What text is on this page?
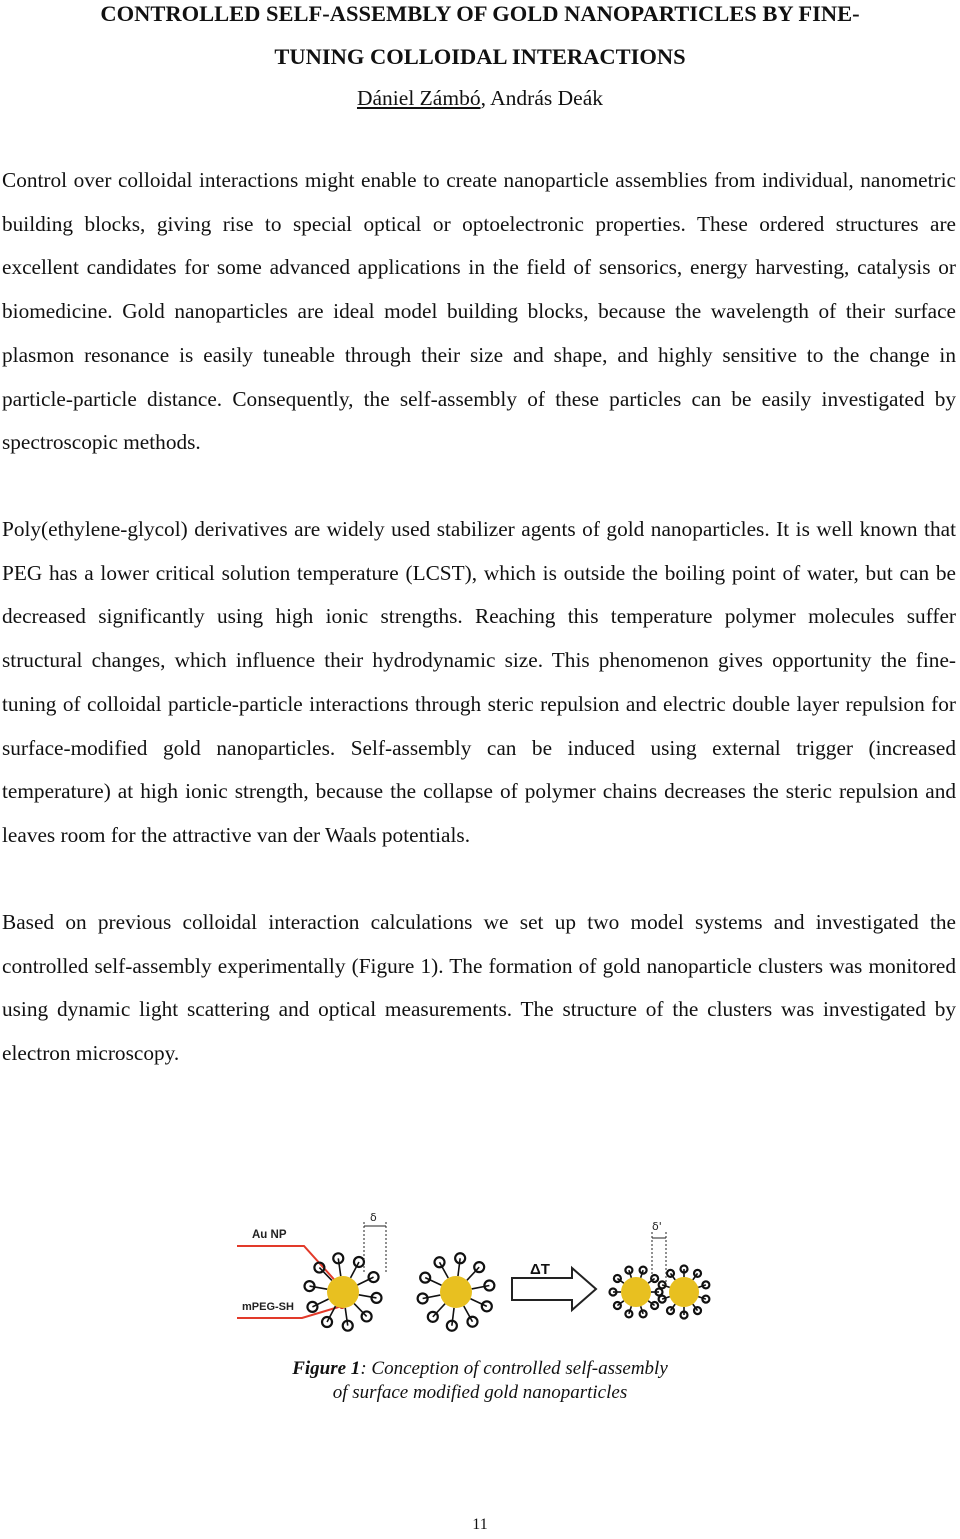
CONTROLLED SELF-ASSEMBLY OF GOLD NANOPARTICLES BY FINE-
TUNING COLLOIDAL INTERACTIONS
Dániel Zámbó, András Deák

Control over colloidal interactions might enable to create nanoparticle assemblies from individual, nanometric building blocks, giving rise to special optical or optoelectronic properties. These ordered structures are excellent candidates for some advanced applications in the field of sensorics, energy harvesting, catalysis or biomedicine. Gold nanoparticles are ideal model building blocks, because the wavelength of their surface plasmon resonance is easily tuneable through their size and shape, and highly sensitive to the change in particle-particle distance. Consequently, the self-assembly of these particles can be easily investigated by spectroscopic methods.

Poly(ethylene-glycol) derivatives are widely used stabilizer agents of gold nanoparticles. It is well known that PEG has a lower critical solution temperature (LCST), which is outside the boiling point of water, but can be decreased significantly using high ionic strengths. Reaching this temperature polymer molecules suffer structural changes, which influence their hydrodynamic size. This phenomenon gives opportunity the fine-tuning of colloidal particle-particle interactions through steric repulsion and electric double layer repulsion for surface-modified gold nanoparticles. Self-assembly can be induced using external trigger (increased temperature) at high ionic strength, because the collapse of polymer chains decreases the steric repulsion and leaves room for the attractive van der Waals potentials.

Based on previous colloidal interaction calculations we set up two model systems and investigated the controlled self-assembly experimentally (Figure 1). The formation of gold nanoparticle clusters was monitored using dynamic light scattering and optical measurements. The structure of the clusters was investigated by electron microscopy.

Au NP
mPEG-SH
δ
ΔT
δ'
Figure 1: Conception of controlled self-assembly
of surface modified gold nanoparticles
11
